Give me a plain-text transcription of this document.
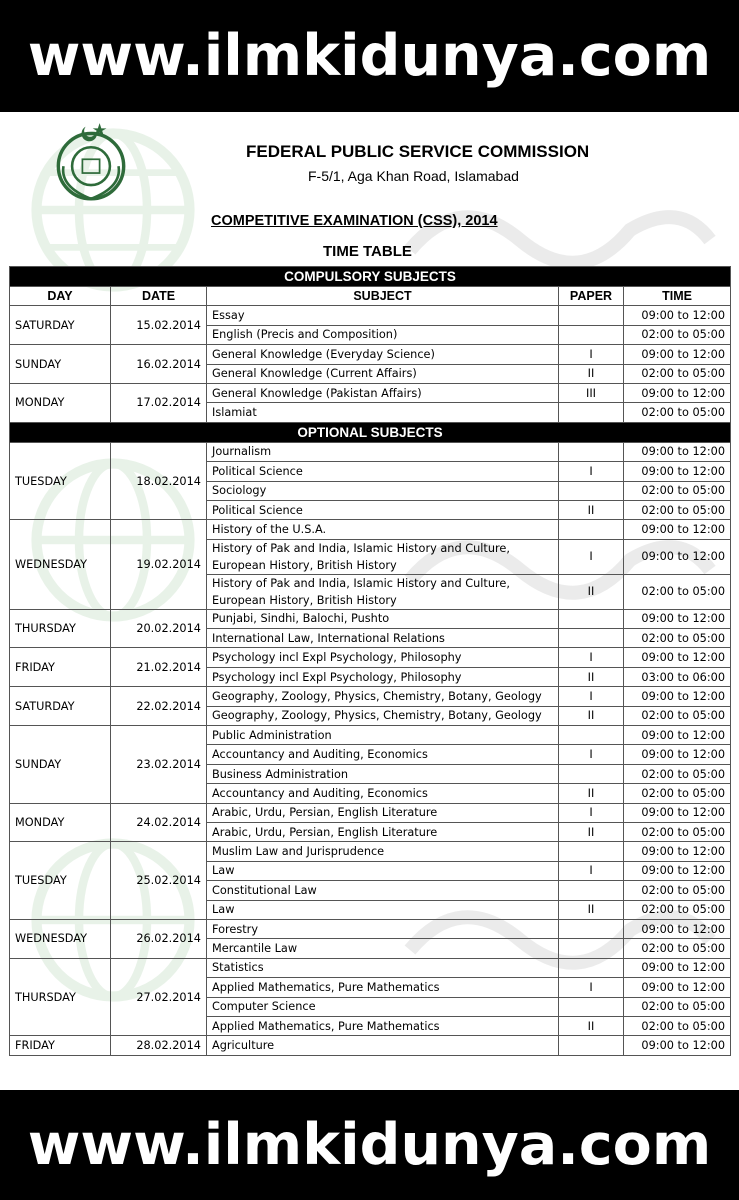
www.ilmkidunya.com
FEDERAL PUBLIC SERVICE COMMISSION
F-5/1, Aga Khan Road, Islamabad
COMPETITIVE EXAMINATION (CSS), 2014
TIME TABLE
COMPULSORY SUBJECTS				
DAY	DATE	SUBJECT	PAPER	TIME
SATURDAY	15.02.2014	Essay		09:00 to 12:00
		English (Precis and Composition)		02:00 to 05:00
SUNDAY	16.02.2014	General Knowledge (Everyday Science)	I	09:00 to 12:00
		General Knowledge (Current Affairs)	II	02:00 to 05:00
MONDAY	17.02.2014	General Knowledge (Pakistan Affairs)	III	09:00 to 12:00
		Islamiat		02:00 to 05:00
OPTIONAL SUBJECTS				
TUESDAY	18.02.2014	Journalism		09:00 to 12:00
		Political Science	I	09:00 to 12:00
		Sociology		02:00 to 05:00
		Political Science	II	02:00 to 05:00
WEDNESDAY	19.02.2014	History of the U.S.A.		09:00 to 12:00
		History of Pak and India, Islamic History and Culture, European History, British History	I	09:00 to 12:00
		History of Pak and India, Islamic History and Culture, European History, British History	II	02:00 to 05:00
THURSDAY	20.02.2014	Punjabi, Sindhi, Balochi, Pushto		09:00 to 12:00
		International Law, International Relations		02:00 to 05:00
FRIDAY	21.02.2014	Psychology incl Expl Psychology, Philosophy	I	09:00 to 12:00
		Psychology incl Expl Psychology, Philosophy	II	03:00 to 06:00
SATURDAY	22.02.2014	Geography, Zoology, Physics, Chemistry, Botany, Geology	I	09:00 to 12:00
		Geography, Zoology, Physics, Chemistry, Botany, Geology	II	02:00 to 05:00
SUNDAY	23.02.2014	Public Administration		09:00 to 12:00
		Accountancy and Auditing, Economics	I	09:00 to 12:00
		Business Administration		02:00 to 05:00
		Accountancy and Auditing, Economics	II	02:00 to 05:00
MONDAY	24.02.2014	Arabic, Urdu, Persian, English Literature	I	09:00 to 12:00
		Arabic, Urdu, Persian, English Literature	II	02:00 to 05:00
TUESDAY	25.02.2014	Muslim Law and Jurisprudence		09:00 to 12:00
		Law	I	09:00 to 12:00
		Constitutional Law		02:00 to 05:00
		Law	II	02:00 to 05:00
WEDNESDAY	26.02.2014	Forestry		09:00 to 12:00
		Mercantile Law		02:00 to 05:00
THURSDAY	27.02.2014	Statistics		09:00 to 12:00
		Applied Mathematics, Pure Mathematics	I	09:00 to 12:00
		Computer Science		02:00 to 05:00
		Applied Mathematics, Pure Mathematics	II	02:00 to 05:00
FRIDAY	28.02.2014	Agriculture		09:00 to 12:00
www.ilmkidunya.com
